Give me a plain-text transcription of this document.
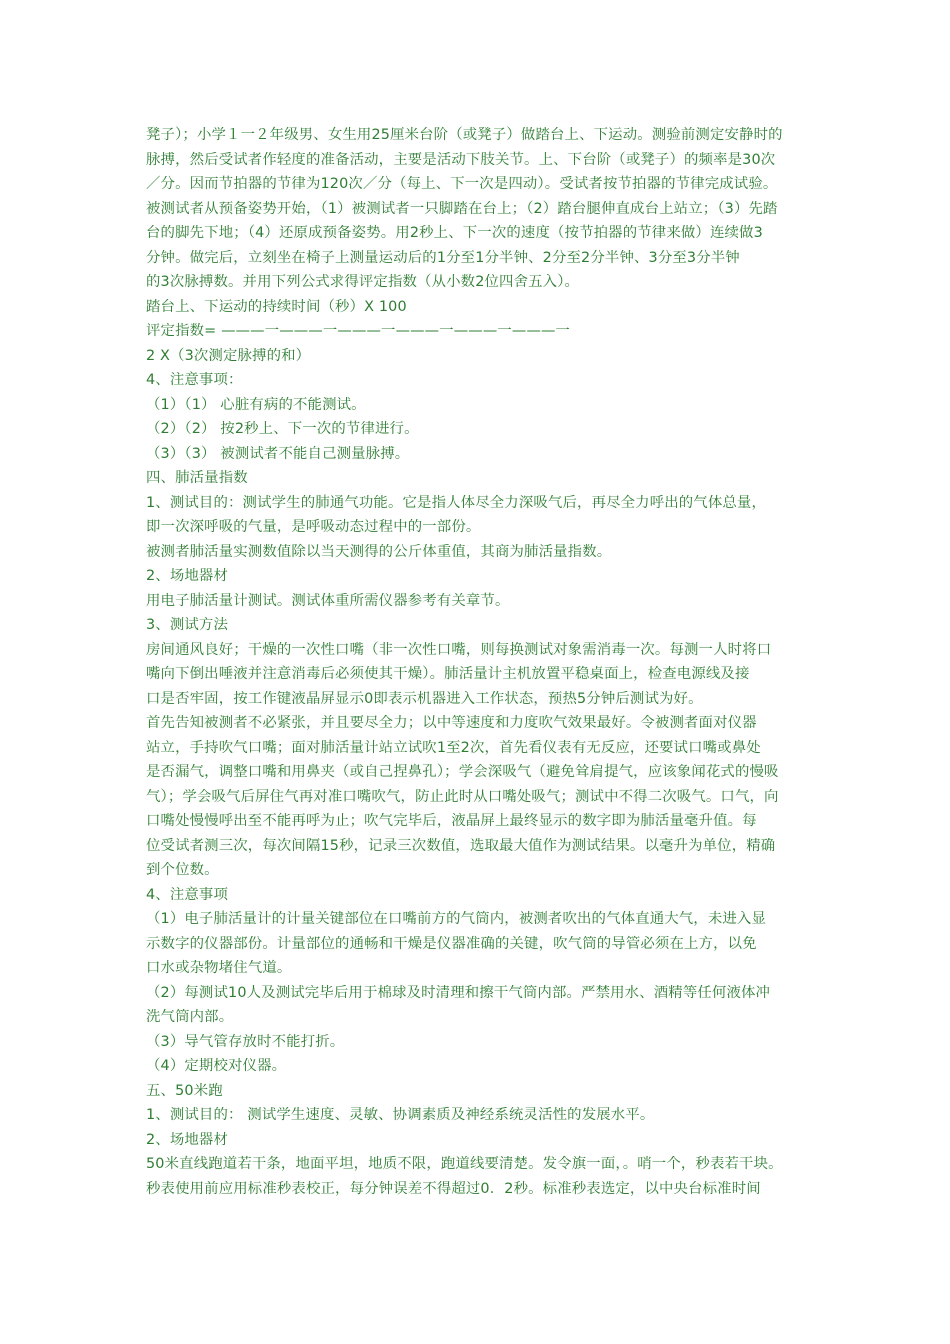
凳子）；小学１一２年级男、女生用25厘米台阶（或凳子）做踏台上、下运动。测验前测定安静时的
脉搏，然后受试者作轻度的准备活动，主要是活动下肢关节。上、下台阶（或凳子）的频率是30次
／分。因而节拍器的节律为120次／分（每上、下一次是四动）。受试者按节拍器的节律完成试验。
被测试者从预备姿势开始，（1）被测试者一只脚踏在台上；（2）踏台腿伸直成台上站立；（3）先踏
台的脚先下地；（4）还原成预备姿势。用2秒上、下一次的速度（按节拍器的节律来做）连续做3
分钟。做完后，立刻坐在椅子上测量运动后的1分至1分半钟、2分至2分半钟、3分至3分半钟
的3次脉搏数。并用下列公式求得评定指数（从小数2位四舍五入）。
踏台上、下运动的持续时间（秒）X 100
评定指数= ———一———一———一———一———一———一
2 X（3次测定脉搏的和）
4、注意事项：
（1）（1） 心脏有病的不能测试。
（2）（2） 按2秒上、下一次的节律进行。
（3）（3） 被测试者不能自己测量脉搏。
四、肺活量指数
1、测试目的：测试学生的肺通气功能。它是指人体尽全力深吸气后，再尽全力呼出的气体总量，
即一次深呼吸的气量，是呼吸动态过程中的一部份。
被测者肺活量实测数值除以当天测得的公斤体重值，其商为肺活量指数。
2、场地器材
用电子肺活量计测试。测试体重所需仪器参考有关章节。
3、测试方法
房间通风良好；干燥的一次性口嘴（非一次性口嘴，则每换测试对象需消毒一次。每测一人时将口
嘴向下倒出唾液并注意消毒后必须使其干燥）。肺活量计主机放置平稳桌面上，检查电源线及接
口是否牢固，按工作键液晶屏显示0即表示机器进入工作状态，预热5分钟后测试为好。
首先告知被测者不必紧张，并且要尽全力；以中等速度和力度吹气效果最好。令被测者面对仪器
站立，手持吹气口嘴；面对肺活量计站立试吹1至2次，首先看仪表有无反应，还要试口嘴或鼻处
是否漏气，调整口嘴和用鼻夹（或自己捏鼻孔）；学会深吸气（避免耸肩提气，应该象闻花式的慢吸
气）；学会吸气后屏住气再对准口嘴吹气，防止此时从口嘴处吸气；测试中不得二次吸气。口气，向
口嘴处慢慢呼出至不能再呼为止；吹气完毕后，液晶屏上最终显示的数字即为肺活量毫升值。每
位受试者测三次，每次间隔15秒，记录三次数值，选取最大值作为测试结果。以毫升为单位，精确
到个位数。
4、注意事项
（1）电子肺活量计的计量关键部位在口嘴前方的气筒内，被测者吹出的气体直通大气，未进入显
示数字的仪器部份。计量部位的通畅和干燥是仪器准确的关键，吹气筒的导管必须在上方，以免
口水或杂物堵住气道。
（2）每测试10人及测试完毕后用于棉球及时清理和擦干气筒内部。严禁用水、酒精等任何液体冲
洗气筒内部。
（3）导气管存放时不能打折。
（4）定期校对仪器。
五、50米跑
1、测试目的： 测试学生速度、灵敏、协调素质及神经系统灵活性的发展水平。
2、场地器材
50米直线跑道若干条，地面平坦，地质不限，跑道线要清楚。发令旗一面，。哨一个，秒表若干块。
秒表使用前应用标准秒表校正，每分钟误差不得超过0．2秒。标准秒表选定，以中央台标准时间
